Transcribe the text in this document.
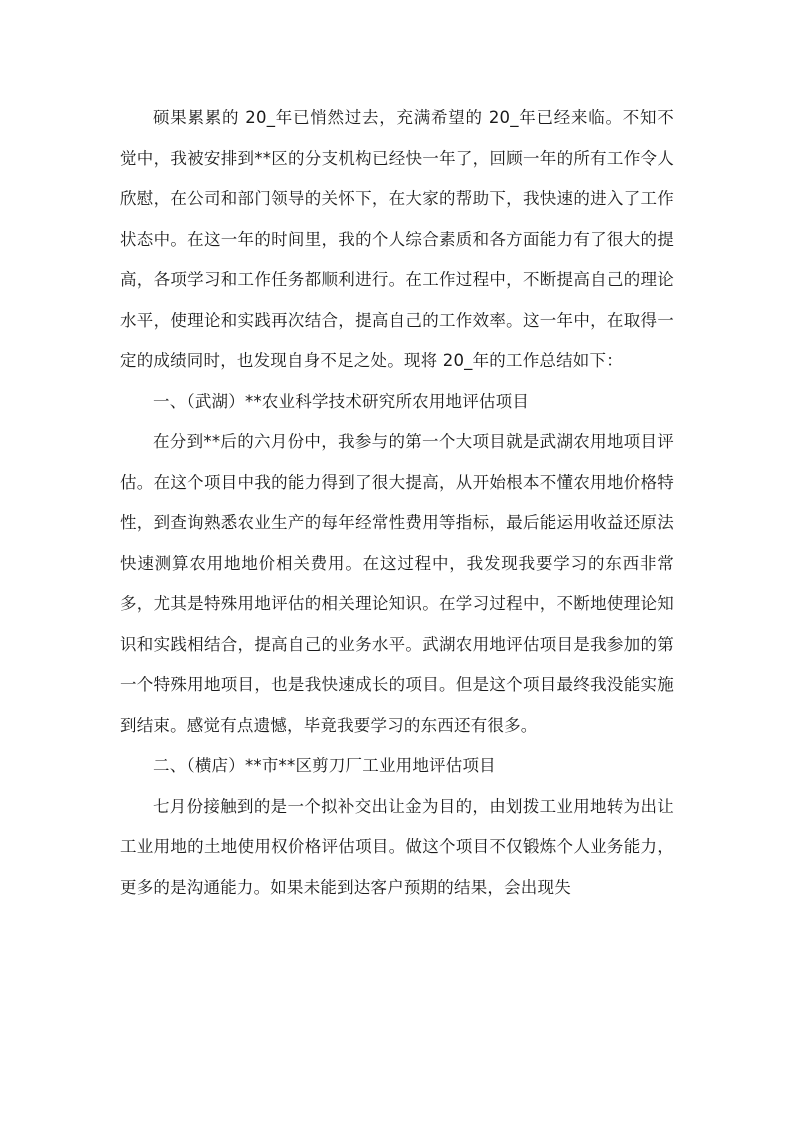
硕果累累的 20_年已悄然过去，充满希望的 20_年已经来临。不知不觉中，我被安排到**区的分支机构已经快一年了，回顾一年的所有工作令人欣慰，在公司和部门领导的关怀下，在大家的帮助下，我快速的进入了工作状态中。在这一年的时间里，我的个人综合素质和各方面能力有了很大的提高，各项学习和工作任务都顺利进行。在工作过程中，不断提高自己的理论水平，使理论和实践再次结合，提高自己的工作效率。这一年中，在取得一定的成绩同时，也发现自身不足之处。现将 20_年的工作总结如下：

一、（武湖）**农业科学技术研究所农用地评估项目

在分到**后的六月份中，我参与的第一个大项目就是武湖农用地项目评估。在这个项目中我的能力得到了很大提高，从开始根本不懂农用地价格特性，到查询熟悉农业生产的每年经常性费用等指标，最后能运用收益还原法快速测算农用地地价相关费用。在这过程中，我发现我要学习的东西非常多，尤其是特殊用地评估的相关理论知识。在学习过程中，不断地使理论知识和实践相结合，提高自己的业务水平。武湖农用地评估项目是我参加的第一个特殊用地项目，也是我快速成长的项目。但是这个项目最终我没能实施到结束。感觉有点遗憾，毕竟我要学习的东西还有很多。

二、（横店）**市**区剪刀厂工业用地评估项目

七月份接触到的是一个拟补交出让金为目的，由划拨工业用地转为出让工业用地的土地使用权价格评估项目。做这个项目不仅锻炼个人业务能力，更多的是沟通能力。如果未能到达客户预期的结果，会出现失
